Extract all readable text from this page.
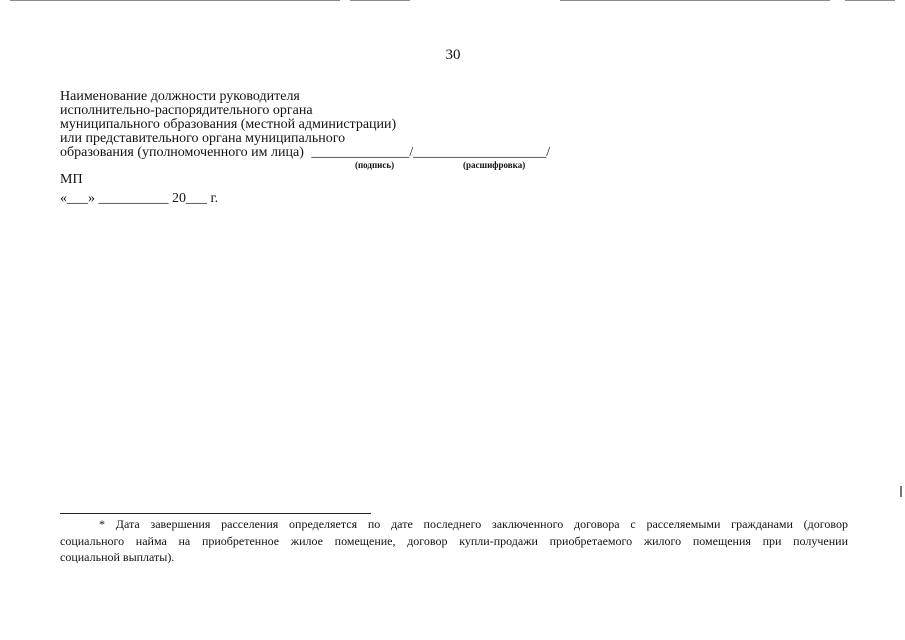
30
Наименование должности руководителя
исполнительно-распорядительного органа
муниципального образования (местной администрации)
или представительного органа муниципального
образования (уполномоченного им лица) ______________/___________________/
(подпись)	(расшифровка)
МП
«___» __________ 20___ г.
* Дата завершения расселения определяется по дате последнего заключенного договора с расселяемыми гражданами (договор
социального найма на приобретенное жилое помещение, договор купли-продажи приобретаемого жилого помещения при получении
социальной выплаты).
